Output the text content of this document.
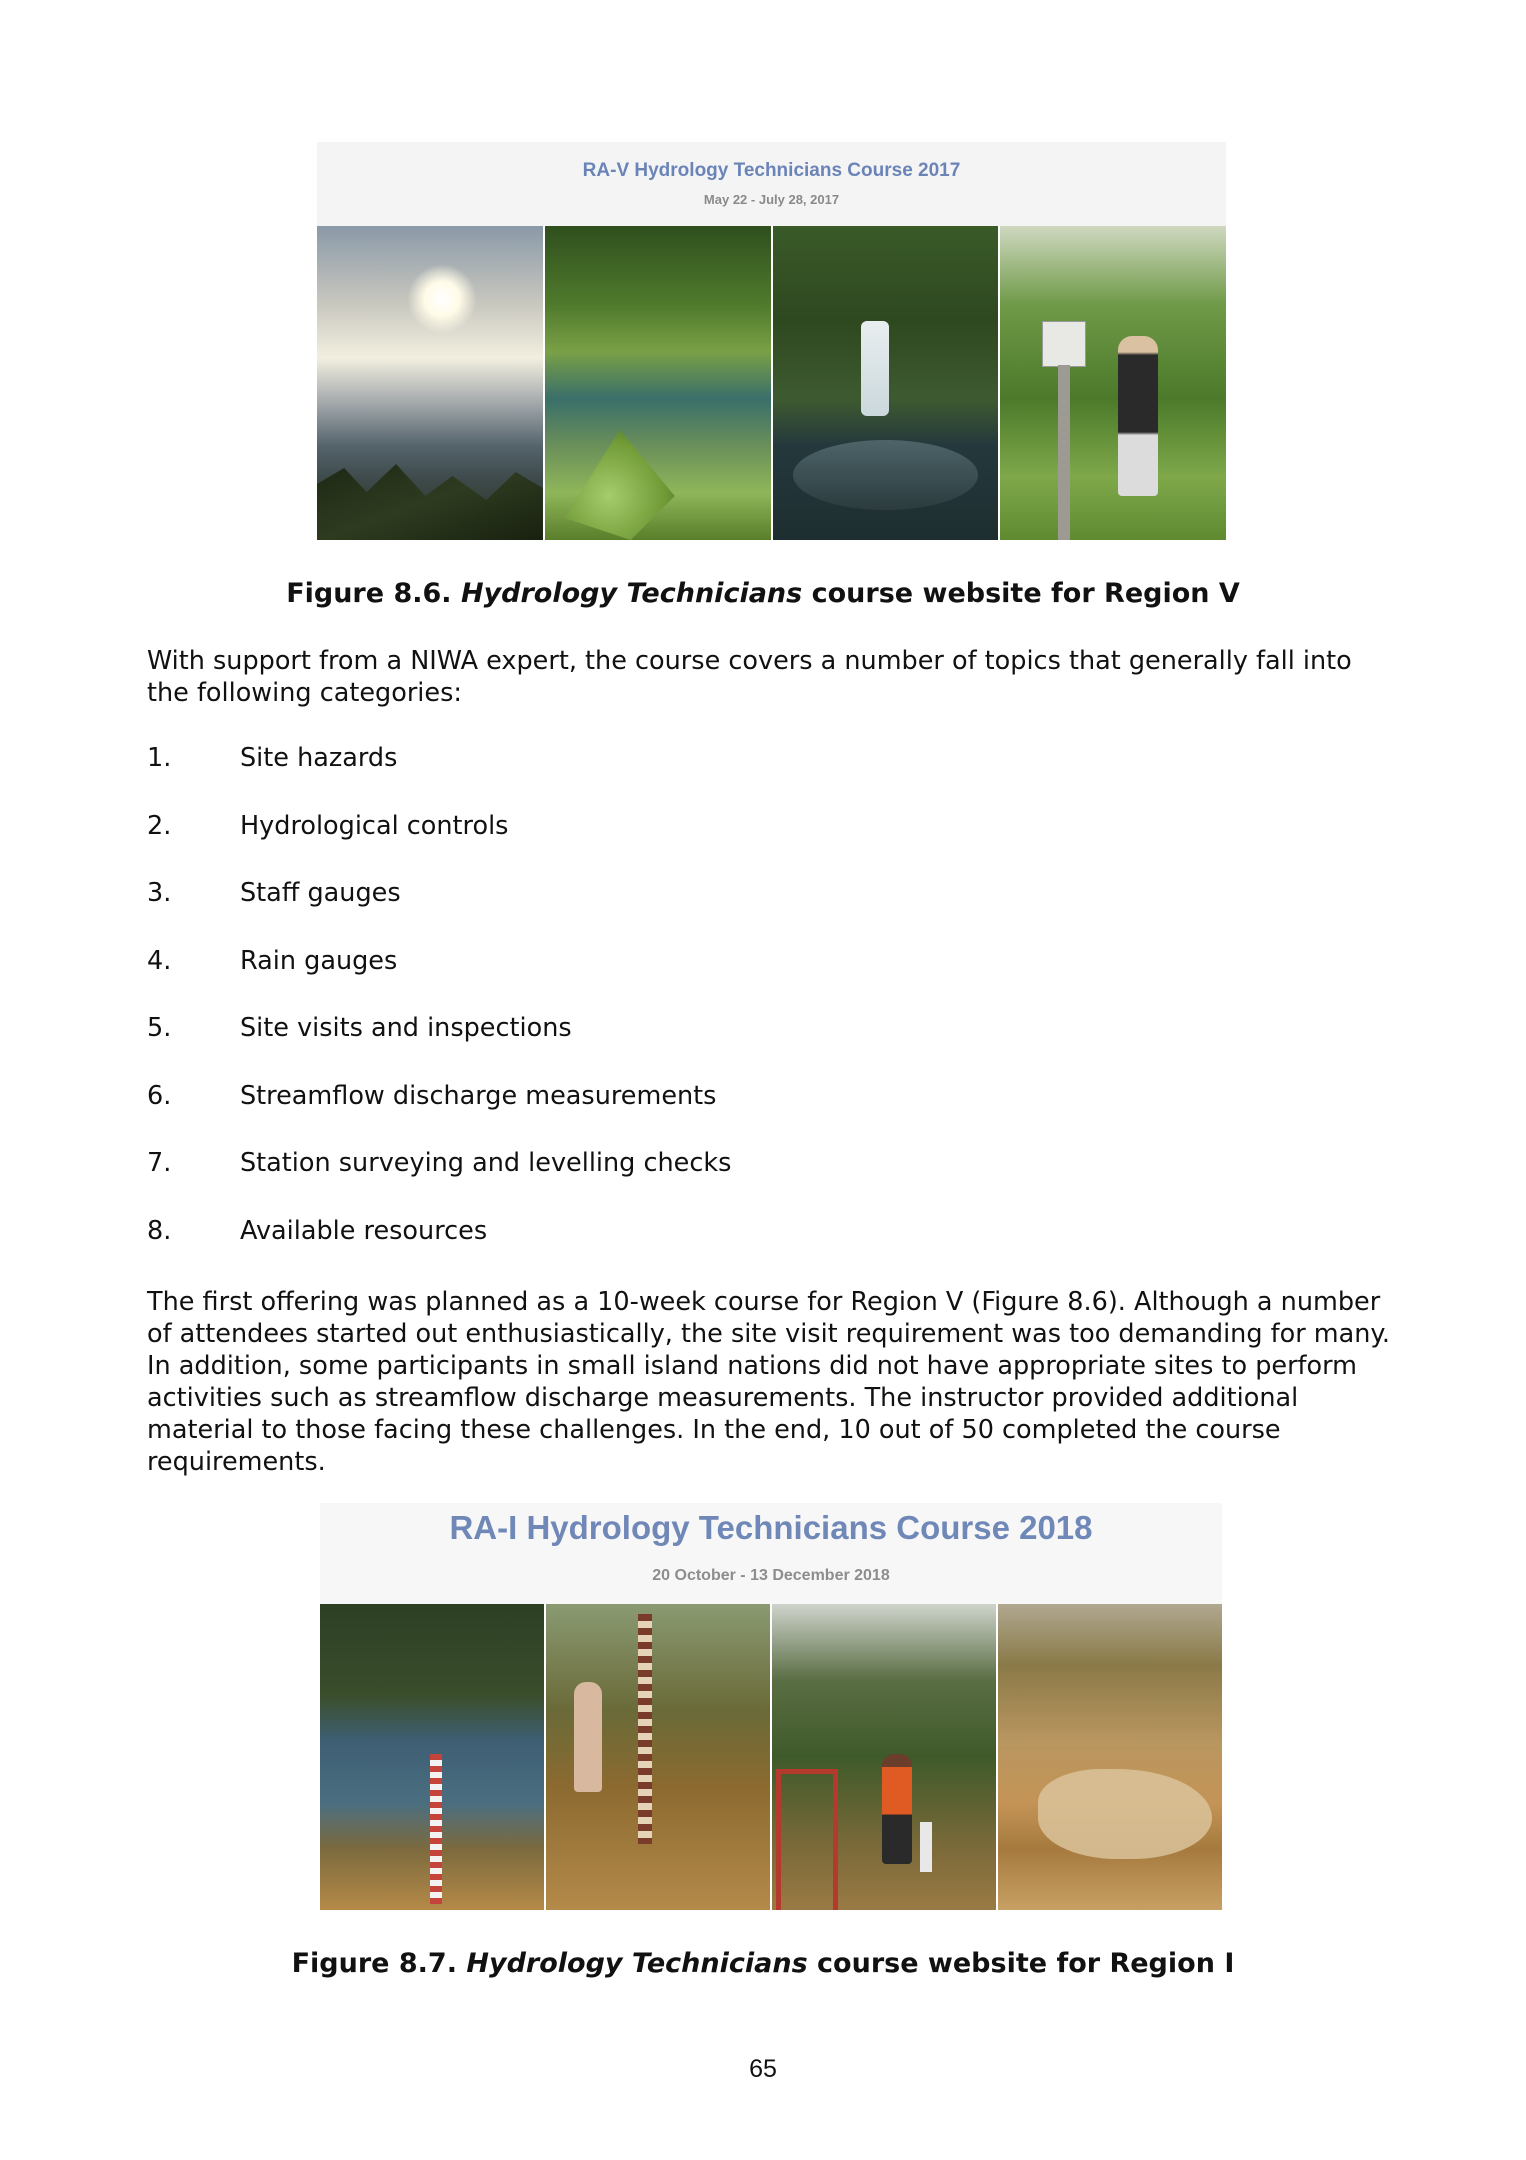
RA-V Hydrology Technicians Course 2017
May 22 - July 28, 2017
Figure 8.6. Hydrology Technicians course website for Region V
With support from a NIWA expert, the course covers a number of topics that generally fall into the following categories:
1.	Site hazards
2.	Hydrological controls
3.	Staff gauges
4.	Rain gauges
5.	Site visits and inspections
6.	Streamflow discharge measurements
7.	Station surveying and levelling checks
8.	Available resources
The first offering was planned as a 10-week course for Region V (Figure 8.6). Although a number of attendees started out enthusiastically, the site visit requirement was too demanding for many. In addition, some participants in small island nations did not have appropriate sites to perform activities such as streamflow discharge measurements. The instructor provided additional material to those facing these challenges. In the end, 10 out of 50 completed the course requirements.
RA-I Hydrology Technicians Course 2018
20 October - 13 December 2018
Figure 8.7. Hydrology Technicians course website for Region I
65
